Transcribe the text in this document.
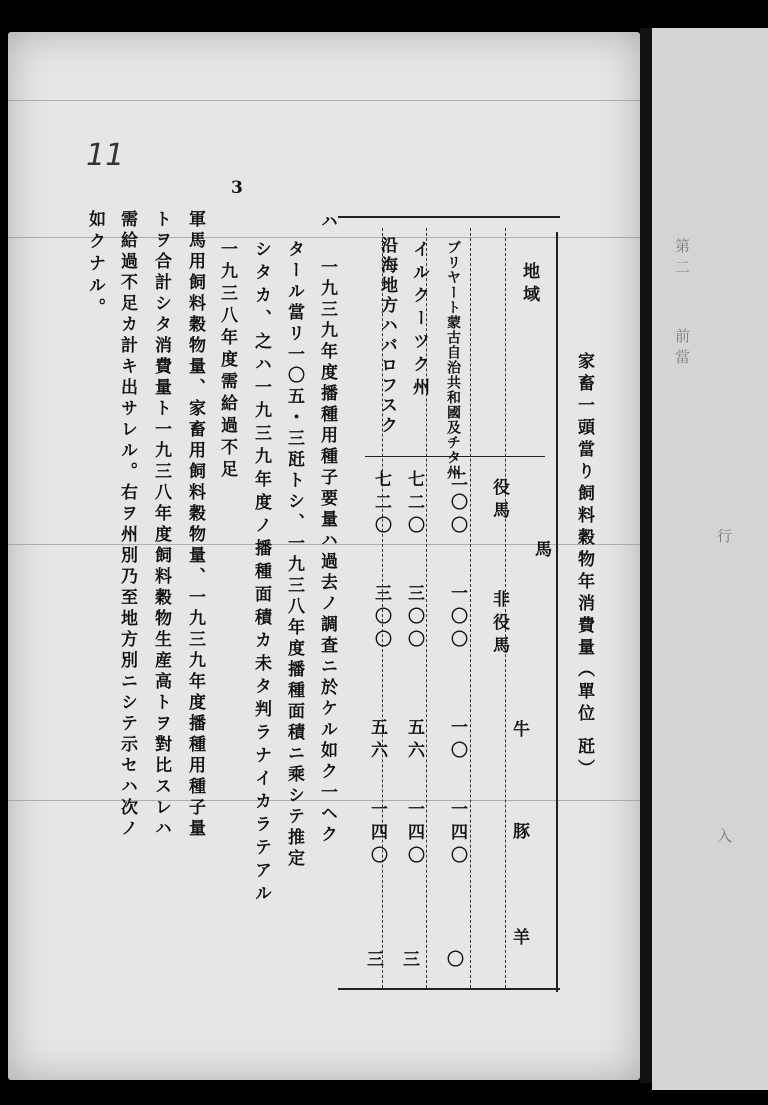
第二
前當
行
入
11
3
家畜一頭當り飼料穀物年消費量（單位 瓩）
地域
馬
役馬
非役馬
牛
豚
羊
ブリヤート蒙古自治共和國及チタ州
二〇〇
一〇〇
一〇
一四〇
〇
イルクーツク州
七二〇
三〇〇
五六
一四〇
三
沿海地方ハバロフスク
七二〇
三〇〇
五六
一四〇
三
ハ
一九三九年度播種用種子要量ハ過去ノ調査ニ於ケル如ク一ヘク
タール當リ一〇五・三瓩トシ、一九三八年度播種面積ニ乘シテ推定
シタカ、之ハ一九三九年度ノ播種面積カ未タ判ラナイカラテアル
一九三八年度需給過不足
軍馬用飼料穀物量、家畜用飼料穀物量、一九三九年度播種用種子量
トヲ合計シタ消費量ト一九三八年度飼料穀物生産高トヲ對比スレハ
需給過不足カ計キ出サレル。右ヲ州別乃至地方別ニシテ示セハ次ノ
如クナル。
